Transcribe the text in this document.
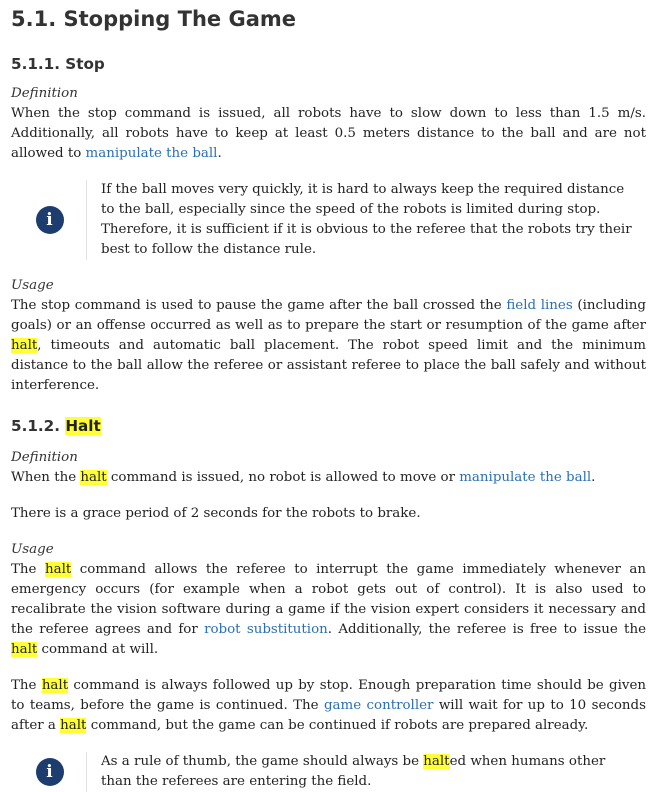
5.1. Stopping The Game
5.1.1. Stop
Definition

When the stop command is issued, all robots have to slow down to less than 1.5 m/s. Additionally, all robots have to keep at least 0.5 meters distance to the ball and are not allowed to manipulate the ball.

i
If the ball moves very quickly, it is hard to always keep the required distance to the ball, especially since the speed of the robots is limited during stop. Therefore, it is sufficient if it is obvious to the referee that the robots try their best to follow the distance rule.
Usage

The stop command is used to pause the game after the ball crossed the field lines (including goals) or an offense occurred as well as to prepare the start or resumption of the game after halt, timeouts and automatic ball placement. The robot speed limit and the minimum distance to the ball allow the referee or assistant referee to place the ball safely and without interference.

5.1.2. Halt
Definition

When the halt command is issued, no robot is allowed to move or manipulate the ball.

There is a grace period of 2 seconds for the robots to brake.

Usage

The halt command allows the referee to interrupt the game immediately whenever an emergency occurs (for example when a robot gets out of control). It is also used to recalibrate the vision software during a game if the vision expert considers it necessary and the referee agrees and for robot substitution. Additionally, the referee is free to issue the halt command at will.

The halt command is always followed up by stop. Enough preparation time should be given to teams, before the game is continued. The game controller will wait for up to 10 seconds after a halt command, but the game can be continued if robots are prepared already.

i
As a rule of thumb, the game should always be halted when humans other than the referees are entering the field.
